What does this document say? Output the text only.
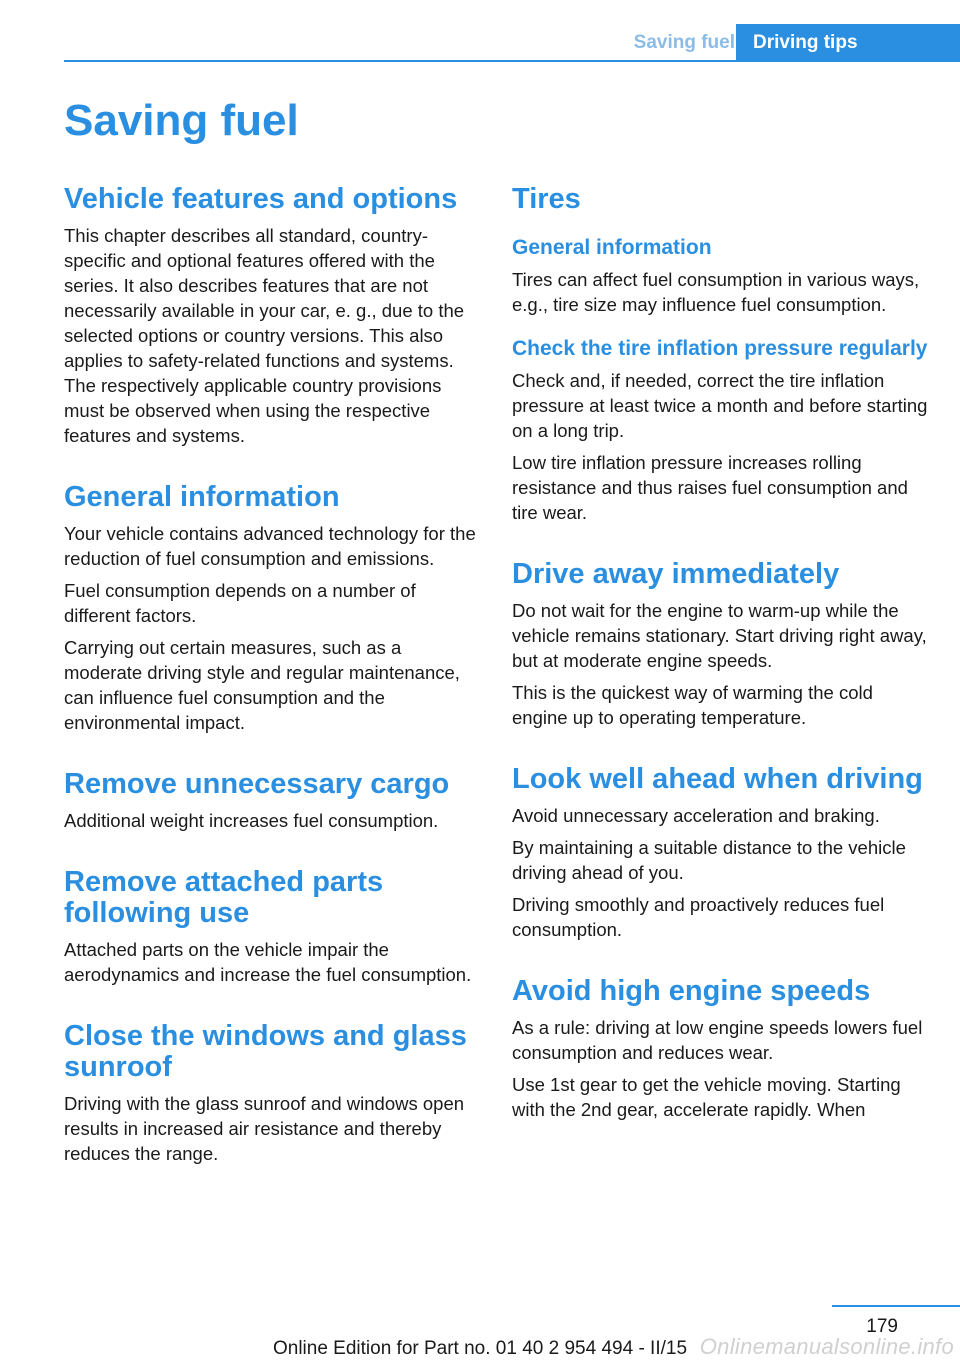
Saving fuel Driving tips
Saving fuel
Vehicle features and options

This chapter describes all standard, country-specific and optional features offered with the series. It also describes features that are not necessarily available in your car, e. g., due to the selected options or country versions. This also applies to safety-related functions and systems. The respectively applicable country provisions must be observed when using the respective features and systems.

General information

Your vehicle contains advanced technology for the reduction of fuel consumption and emissions.

Fuel consumption depends on a number of different factors.

Carrying out certain measures, such as a moderate driving style and regular maintenance, can influence fuel consumption and the environmental impact.

Remove unnecessary cargo

Additional weight increases fuel consumption.

Remove attached parts following use

Attached parts on the vehicle impair the aerodynamics and increase the fuel consumption.

Close the windows and glass sunroof

Driving with the glass sunroof and windows open results in increased air resistance and thereby reduces the range.

Tires
General information

Tires can affect fuel consumption in various ways, e.g., tire size may influence fuel consumption.

Check the tire inflation pressure regularly

Check and, if needed, correct the tire inflation pressure at least twice a month and before starting on a long trip.

Low tire inflation pressure increases rolling resistance and thus raises fuel consumption and tire wear.

Drive away immediately

Do not wait for the engine to warm-up while the vehicle remains stationary. Start driving right away, but at moderate engine speeds.

This is the quickest way of warming the cold engine up to operating temperature.

Look well ahead when driving

Avoid unnecessary acceleration and braking.

By maintaining a suitable distance to the vehicle driving ahead of you.

Driving smoothly and proactively reduces fuel consumption.

Avoid high engine speeds

As a rule: driving at low engine speeds lowers fuel consumption and reduces wear.

Use 1st gear to get the vehicle moving. Starting with the 2nd gear, accelerate rapidly. When

179
Online Edition for Part no. 01 40 2 954 494 - II/15 Onlinemanualsonline.info
